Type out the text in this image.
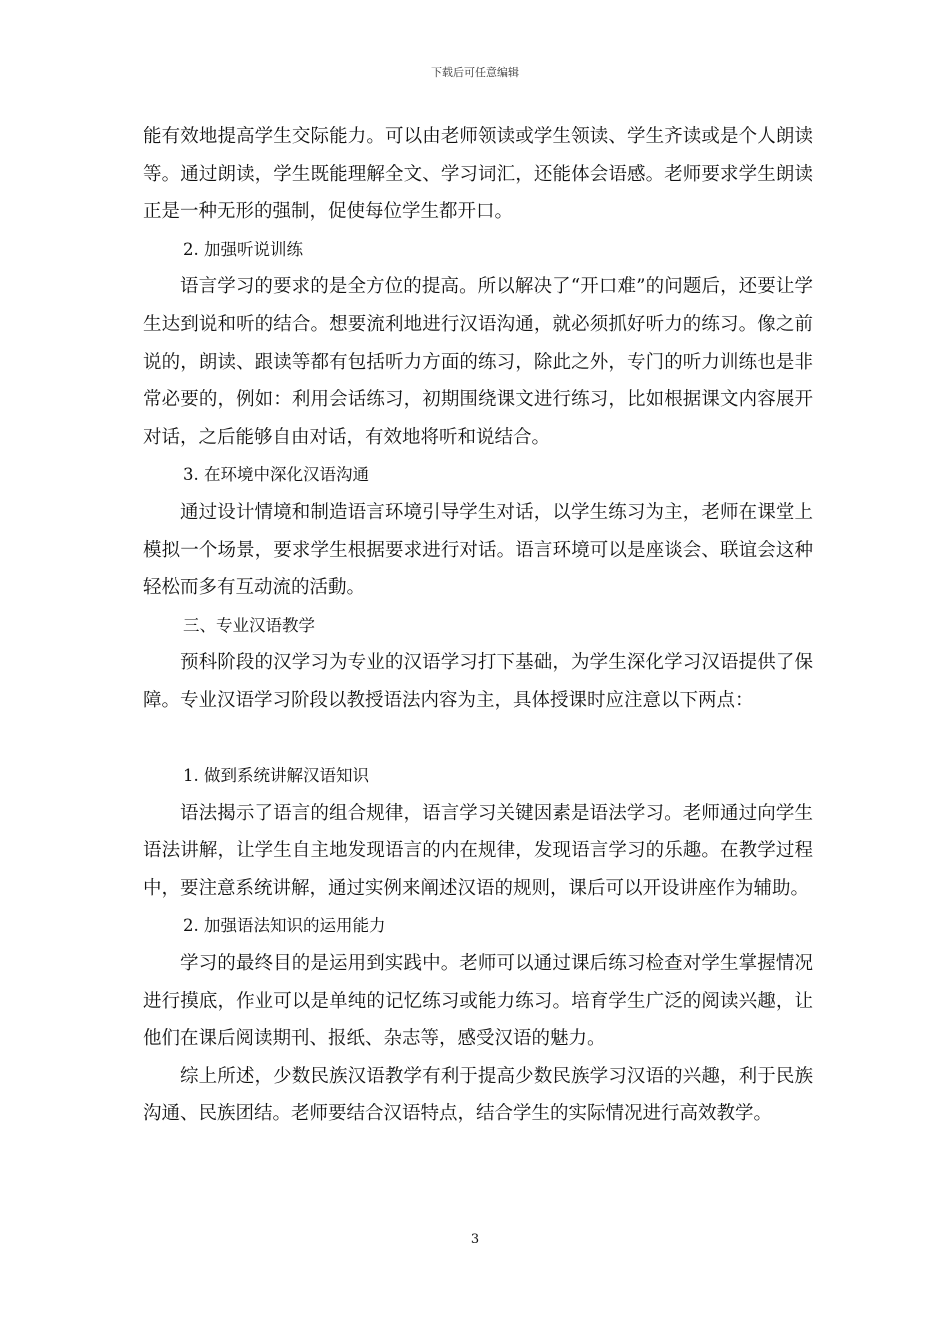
下载后可任意编辑

能有效地提高学生交际能力。可以由老师领读或学生领读、学生齐读或是个人朗读等。通过朗读，学生既能理解全文、学习词汇，还能体会语感。老师要求学生朗读正是一种无形的强制，促使每位学生都开口。

2. 加强听说训练

语言学习的要求的是全方位的提高。所以解决了“开口难”的问题后，还要让学生达到说和听的结合。想要流利地进行汉语沟通，就必须抓好听力的练习。像之前说的，朗读、跟读等都有包括听力方面的练习，除此之外，专门的听力训练也是非常必要的，例如：利用会话练习，初期围绕课文进行练习，比如根据课文内容展开对话，之后能够自由对话，有效地将听和说结合。

3. 在环境中深化汉语沟通

通过设计情境和制造语言环境引导学生对话，以学生练习为主，老师在课堂上模拟一个场景，要求学生根据要求进行对话。语言环境可以是座谈会、联谊会这种轻松而多有互动流的活動。

三、专业汉语教学

预科阶段的汉学习为专业的汉语学习打下基础，为学生深化学习汉语提供了保障。专业汉语学习阶段以教授语法内容为主，具体授课时应注意以下两点：

1. 做到系统讲解汉语知识

语法揭示了语言的组合规律，语言学习关键因素是语法学习。老师通过向学生语法讲解，让学生自主地发现语言的内在规律，发现语言学习的乐趣。在教学过程中，要注意系统讲解，通过实例来阐述汉语的规则，课后可以开设讲座作为辅助。

2. 加强语法知识的运用能力

学习的最终目的是运用到实践中。老师可以通过课后练习检查对学生掌握情况进行摸底，作业可以是单纯的记忆练习或能力练习。培育学生广泛的阅读兴趣，让他们在课后阅读期刊、报纸、杂志等，感受汉语的魅力。

综上所述，少数民族汉语教学有利于提高少数民族学习汉语的兴趣，利于民族沟通、民族团结。老师要结合汉语特点，结合学生的实际情况进行高效教学。

3
